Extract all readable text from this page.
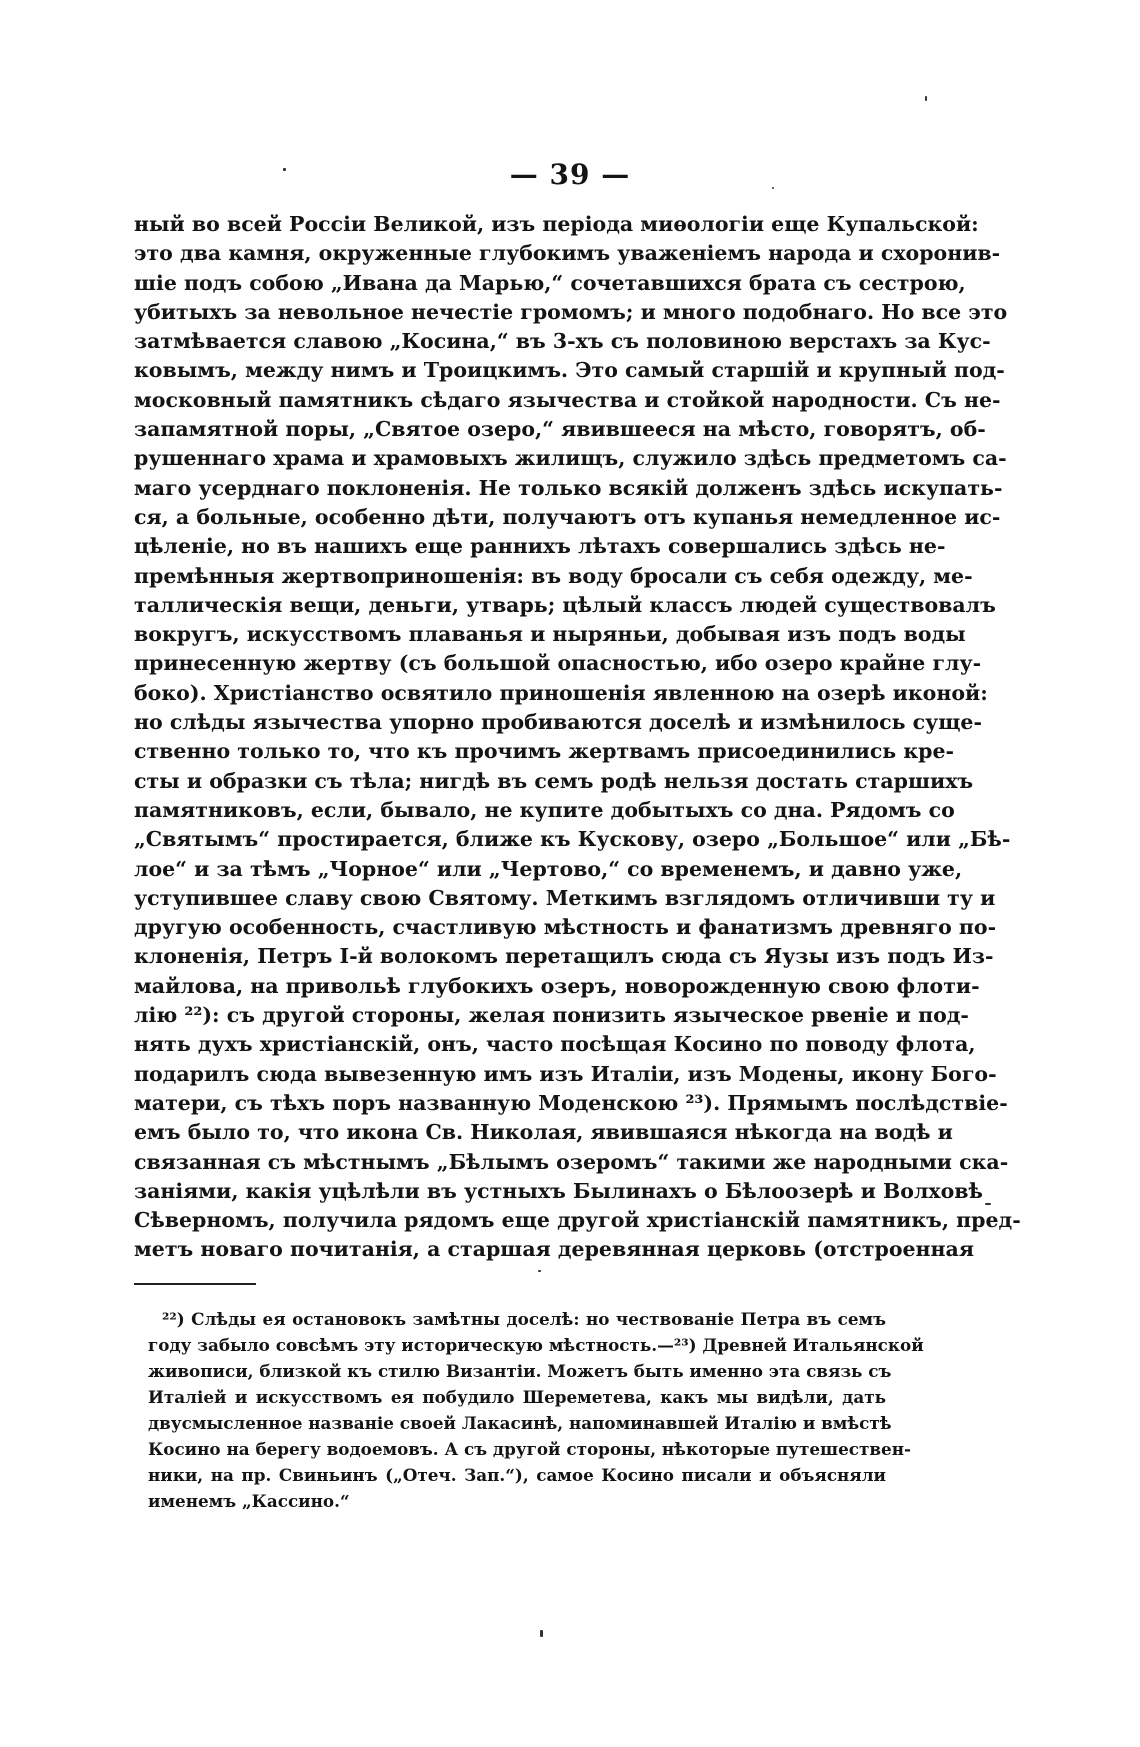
— 39 —
ный во всей Россіи Великой, изъ періода миѳологіи еще Купальской:
это два камня, окруженные глубокимъ уваженіемъ народа и схоронив-
шіе подъ собою „Ивана да Марью,“ сочетавшихся брата съ сестрою,
убитыхъ за невольное нечестіе громомъ; и много подобнаго. Но все это
затмѣвается славою „Косина,“ въ 3-хъ съ половиною верстахъ за Кус-
ковымъ, между нимъ и Троицкимъ. Это самый старшій и крупный под-
московный памятникъ сѣдаго язычества и стойкой народности. Съ не-
запамятной поры, „Святое озеро,“ явившееся на мѣсто, говорятъ, об-
рушеннаго храма и храмовыхъ жилищъ, служило здѣсь предметомъ са-
маго усерднаго поклоненія. Не только всякій долженъ здѣсь искупать-
ся, а больные, особенно дѣти, получаютъ отъ купанья немедленное ис-
цѣленіе, но въ нашихъ еще раннихъ лѣтахъ совершались здѣсь не-
премѣнныя жертвоприношенія: въ воду бросали съ себя одежду, ме-
таллическія вещи, деньги, утварь; цѣлый классъ людей существовалъ
вокругъ, искусствомъ плаванья и ныряньи, добывая изъ подъ воды
принесенную жертву (съ большой опасностью, ибо озеро крайне глу-
боко). Христіанство освятило приношенія явленною на озерѣ иконой:
но слѣды язычества упорно пробиваются доселѣ и измѣнилось суще-
ственно только то, что къ прочимъ жертвамъ присоединились кре-
сты и образки съ тѣла; нигдѣ въ семъ родѣ нельзя достать старшихъ
памятниковъ, если, бывало, не купите добытыхъ со дна. Рядомъ со
„Святымъ“ простирается, ближе къ Кускову, озеро „Большое“ или „Бѣ-
лое“ и за тѣмъ „Чорное“ или „Чертово,“ со временемъ, и давно уже,
уступившее славу свою Святому. Меткимъ взглядомъ отличивши ту и
другую особенность, счастливую мѣстность и фанатизмъ древняго по-
клоненія, Петръ І-й волокомъ перетащилъ сюда съ Яузы изъ подъ Из-
майлова, на привольѣ глубокихъ озеръ, новорожденную свою флоти-
лію ²²): съ другой стороны, желая понизить языческое рвеніе и под-
нять духъ христіанскій, онъ, часто посѣщая Косино по поводу флота,
подарилъ сюда вывезенную имъ изъ Италіи, изъ Модены, икону Бого-
матери, съ тѣхъ поръ названную Моденскою ²³). Прямымъ послѣдствіе-
емъ было то, что икона Св. Николая, явившаяся нѣкогда на водѣ и
связанная съ мѣстнымъ „Бѣлымъ озеромъ“ такими же народными ска-
заніями, какія уцѣлѣли въ устныхъ Былинахъ о Бѣлоозерѣ и Волховѣ
Сѣверномъ, получила рядомъ еще другой христіанскій памятникъ, пред-
метъ новаго почитанія, а старшая деревянная церковь (отстроенная
²²) Слѣды ея остановокъ замѣтны доселѣ: но чествованіе Петра въ семъ
году забыло совсѣмъ эту историческую мѣстность.—²³) Древней Итальянской
живописи, близкой къ стилю Византіи. Можетъ быть именно эта связь съ
Италіей и искусствомъ ея побудило Шереметева, какъ мы видѣли, дать
двусмысленное названіе своей Лакасинѣ, напоминавшей Италію и вмѣстѣ
Косино на берегу водоемовъ. А съ другой стороны, нѣкоторые путешествен-
ники, на пр. Свиньинъ („Отеч. Зап.“), самое Косино писали и объясняли
именемъ „Кассино.“
